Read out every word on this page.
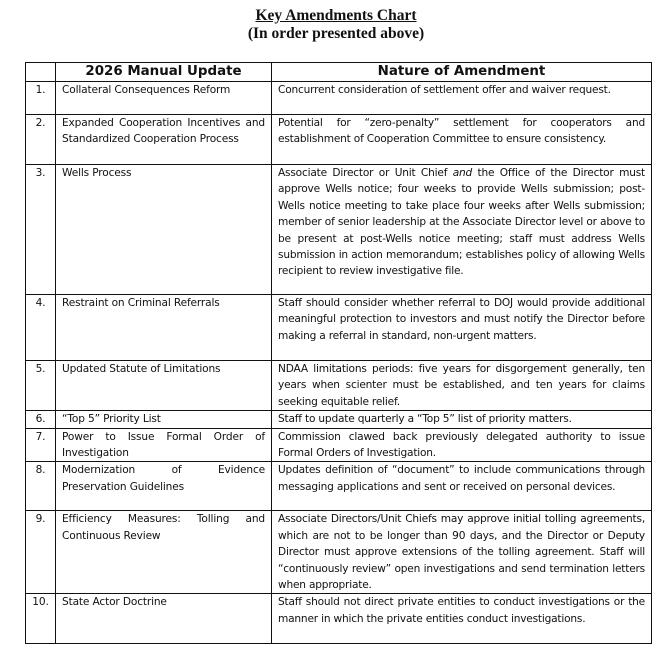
Key Amendments Chart
(In order presented above)
	2026 Manual Update	Nature of Amendment
1.	Collateral Consequences Reform	Concurrent consideration of settlement offer and waiver request.
2.	Expanded Cooperation Incentives and Standardized Cooperation Process	Potential for “zero-penalty” settlement for cooperators and establishment of Cooperation Committee to ensure consistency.
3.	Wells Process	Associate Director or Unit Chief and the Office of the Director must approve Wells notice; four weeks to provide Wells submission; post-Wells notice meeting to take place four weeks after Wells submission; member of senior leadership at the Associate Director level or above to be present at post-Wells notice meeting; staff must address Wells submission in action memorandum; establishes policy of allowing Wells recipient to review investigative file.
4.	Restraint on Criminal Referrals	Staff should consider whether referral to DOJ would provide additional meaningful protection to investors and must notify the Director before making a referral in standard, non-urgent matters.
5.	Updated Statute of Limitations	NDAA limitations periods: five years for disgorgement generally, ten years when scienter must be established, and ten years for claims seeking equitable relief.
6.	“Top 5” Priority List	Staff to update quarterly a “Top 5” list of priority matters.
7.	Power to Issue Formal Order of Investigation	Commission clawed back previously delegated authority to issue Formal Orders of Investigation.
8.	Modernization of Evidence Preservation Guidelines	Updates definition of “document” to include communications through messaging applications and sent or received on personal devices.
9.	Efficiency Measures: Tolling and Continuous Review	Associate Directors/Unit Chiefs may approve initial tolling agreements, which are not to be longer than 90 days, and the Director or Deputy Director must approve extensions of the tolling agreement. Staff will “continuously review” open investigations and send termination letters when appropriate.
10.	State Actor Doctrine	Staff should not direct private entities to conduct investigations or the manner in which the private entities conduct investigations.
